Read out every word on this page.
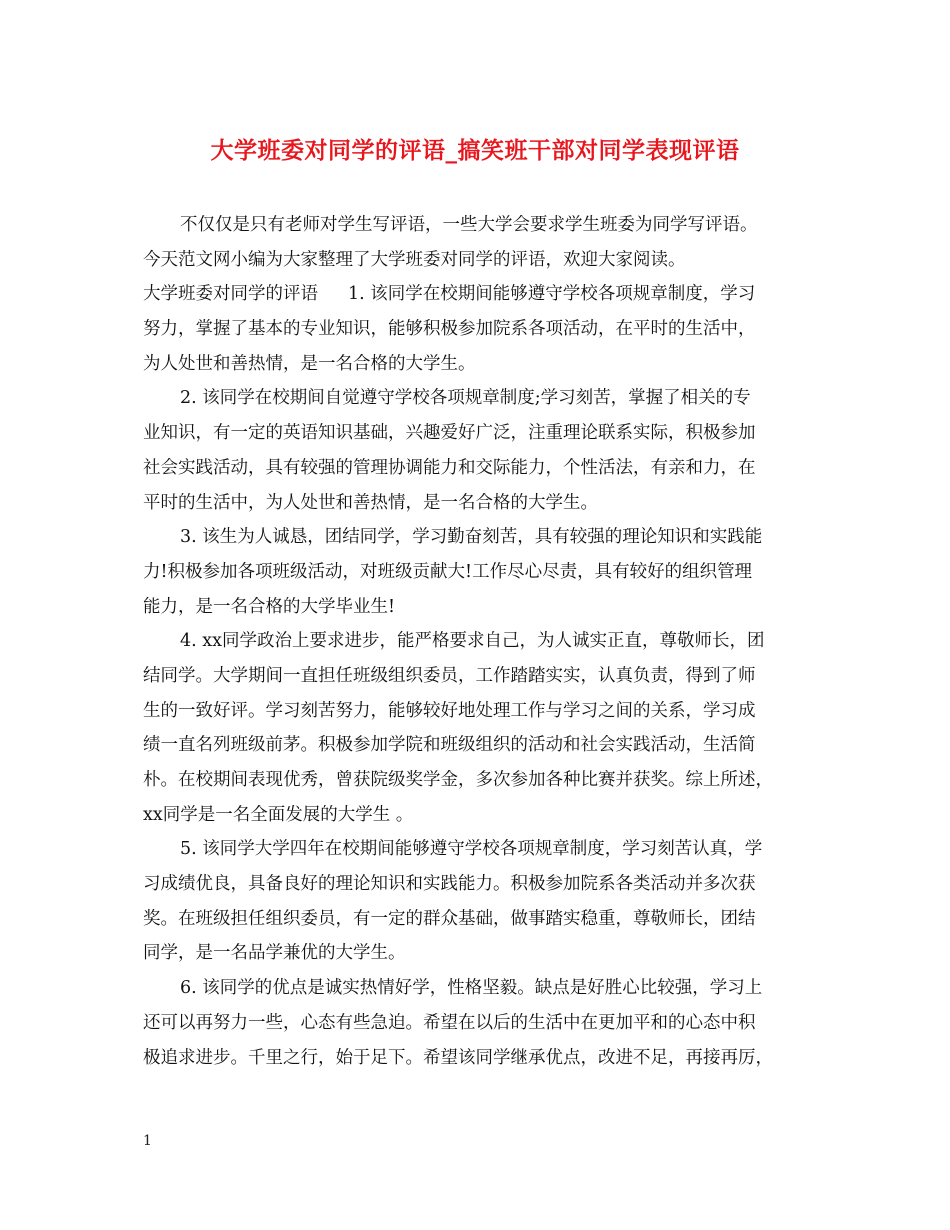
大学班委对同学的评语_搞笑班干部对同学表现评语
不仅仅是只有老师对学生写评语，一些大学会要求学生班委为同学写评语。
今天范文网小编为大家整理了大学班委对同学的评语，欢迎大家阅读。
大学班委对同学的评语 1. 该同学在校期间能够遵守学校各项规章制度，学习
努力，掌握了基本的专业知识，能够积极参加院系各项活动，在平时的生活中，
为人处世和善热情，是一名合格的大学生。
2. 该同学在校期间自觉遵守学校各项规章制度;学习刻苦，掌握了相关的专
业知识，有一定的英语知识基础，兴趣爱好广泛，注重理论联系实际，积极参加
社会实践活动，具有较强的管理协调能力和交际能力，个性活法，有亲和力，在
平时的生活中，为人处世和善热情，是一名合格的大学生。
3. 该生为人诚恳，团结同学，学习勤奋刻苦，具有较强的理论知识和实践能
力!积极参加各项班级活动，对班级贡献大!工作尽心尽责，具有较好的组织管理
能力，是一名合格的大学毕业生!
4. xx同学政治上要求进步，能严格要求自己，为人诚实正直，尊敬师长，团
结同学。大学期间一直担任班级组织委员，工作踏踏实实，认真负责，得到了师
生的一致好评。学习刻苦努力，能够较好地处理工作与学习之间的关系，学习成
绩一直名列班级前茅。积极参加学院和班级组织的活动和社会实践活动，生活简
朴。在校期间表现优秀，曾获院级奖学金，多次参加各种比赛并获奖。综上所述，
xx同学是一名全面发展的大学生 。
5. 该同学大学四年在校期间能够遵守学校各项规章制度，学习刻苦认真，学
习成绩优良，具备良好的理论知识和实践能力。积极参加院系各类活动并多次获
奖。在班级担任组织委员，有一定的群众基础，做事踏实稳重，尊敬师长，团结
同学，是一名品学兼优的大学生。
6. 该同学的优点是诚实热情好学，性格坚毅。缺点是好胜心比较强，学习上
还可以再努力一些，心态有些急迫。希望在以后的生活中在更加平和的心态中积
极追求进步。千里之行，始于足下。希望该同学继承优点，改进不足，再接再厉，
1
